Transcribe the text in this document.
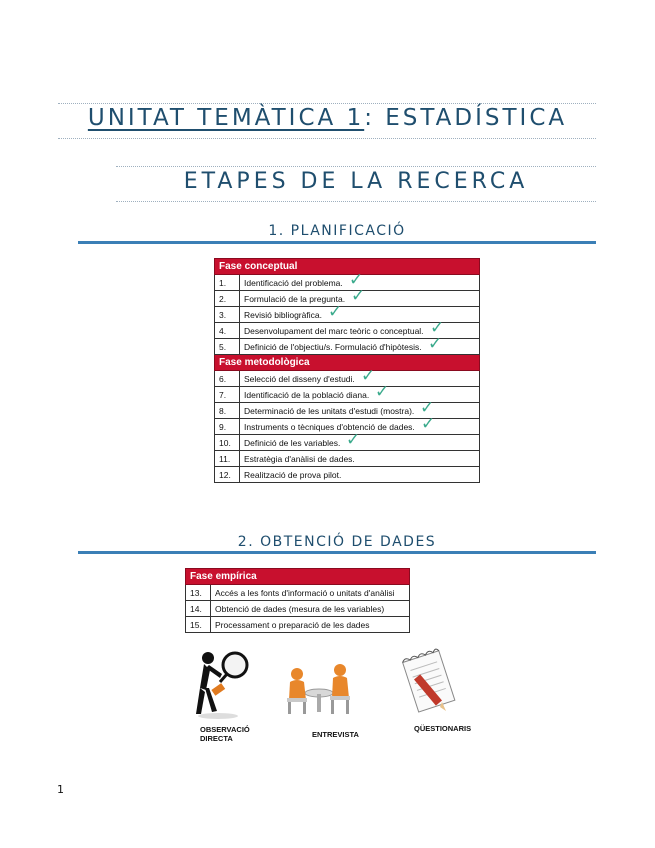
UNITAT TEMÀTICA 1: ESTADÍSTICA
ETAPES DE LA RECERCA
1. PLANIFICACIÓ
Fase conceptual	
1.	Identificació del problema.
2.	Formulació de la pregunta.
3.	Revisió bibliogràfica.
4.	Desenvolupament del marc teòric o conceptual.
5.	Definició de l'objectiu/s. Formulació d'hipòtesis.
Fase metodològica	
6.	Selecció del disseny d'estudi.
7.	Identificació de la població diana.
8.	Determinació de les unitats d'estudi (mostra).
9.	Instruments o tècniques d'obtenció de dades.
10.	Definició de les variables.
11.	Estratègia d'anàlisi de dades.
12.	Realització de prova pilot.
✓
✓
✓
✓
✓
✓
✓
✓
✓
✓
2. OBTENCIÓ DE DADES
Fase empírica	
13.	Accés a les fonts d'informació o unitats d'anàlisi
14.	Obtenció de dades (mesura de les variables)
15.	Processament o preparació de les dades
OBSERVACIÓ
DIRECTA	ENTREVISTA
QÜESTIONARIS
1
